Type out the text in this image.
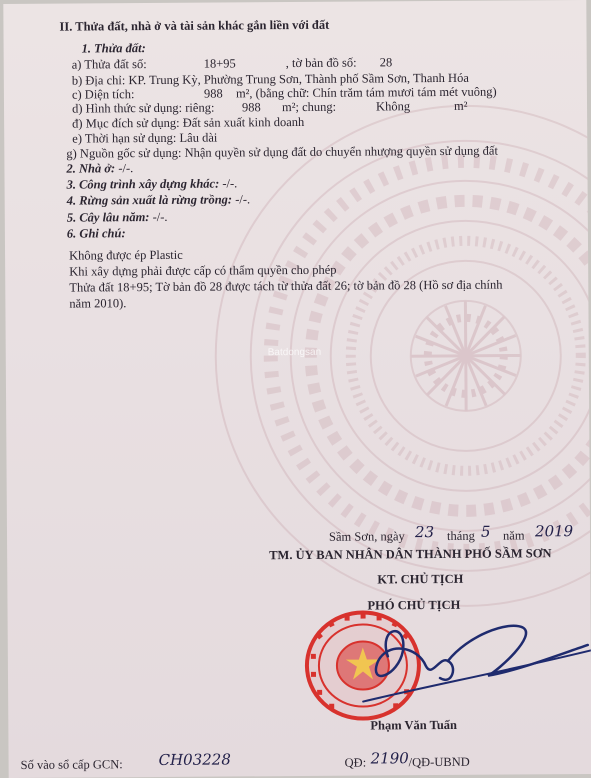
Batdongsan
II. Thửa đất, nhà ở và tài sản khác gắn liền với đất
1. Thửa đất:
a) Thửa đất số:	18+95	, tờ bản đồ số: 28
b) Địa chỉ: KP. Trung Kỳ, Phường Trung Sơn, Thành phố Sầm Sơn, Thanh Hóa
c) Diện tích:	988 m², (bằng chữ: Chín trăm tám mươi tám mét vuông)
d) Hình thức sử dụng: riêng: 988 m²; chung:	Không	m²
đ) Mục đích sử dụng: Đất sản xuất kinh doanh
e) Thời hạn sử dụng: Lâu dài
g) Nguồn gốc sử dụng: Nhận quyền sử dụng đất do chuyển nhượng quyền sử dụng đất
2. Nhà ở: -/-.
3. Công trình xây dựng khác: -/-.
4. Rừng sản xuất là rừng trồng: -/-.
5. Cây lâu năm: -/-.
6. Ghi chú:
Không được ép Plastic
Khi xây dựng phải được cấp có thẩm quyền cho phép
Thửa đất 18+95; Tờ bản đồ 28 được tách từ thửa đất 26; tờ bản đồ 28 (Hồ sơ địa chính
năm 2010).
Sầm Sơn, ngày 23 tháng 5 năm 2019
TM. ỦY BAN NHÂN DÂN THÀNH PHỐ SẦM SƠN
KT. CHỦ TỊCH
PHÓ CHỦ TỊCH
Phạm Văn Tuấn
Số vào sổ cấp GCN: CH03228	QĐ: 2190 /QĐ-UBND
